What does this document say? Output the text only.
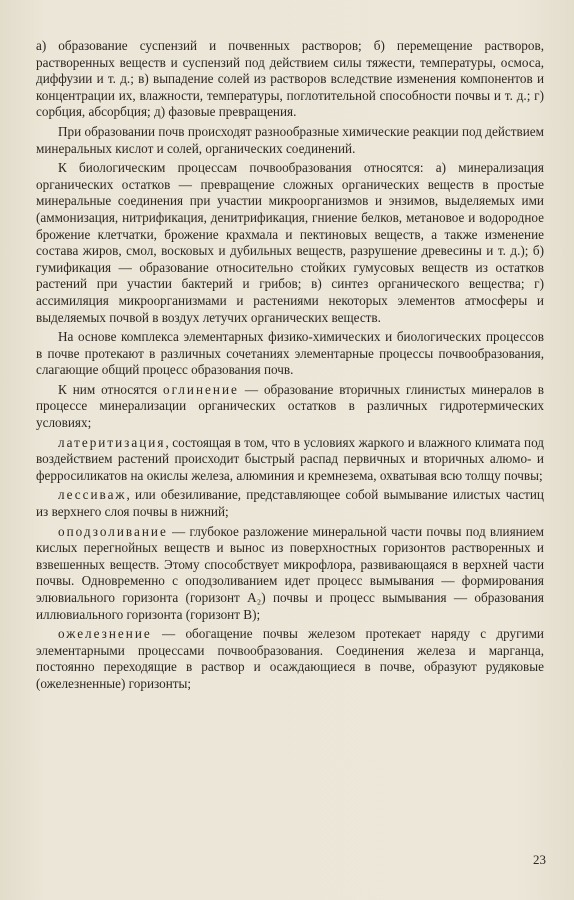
а) образование суспензий и почвенных растворов; б) перемещение растворов, растворенных веществ и суспензий под действием силы тяжести, температуры, осмоса, диффузии и т. д.; в) выпадение солей из растворов вследствие изменения компонентов и концентрации их, влажности, температуры, поглотительной способности почвы и т. д.; г) сорбция, абсорбция; д) фазовые превращения.

При образовании почв происходят разнообразные химические реакции под действием минеральных кислот и солей, органических соединений.

К биологическим процессам почвообразования относятся: а) минерализация органических остатков — превращение сложных органических веществ в простые минеральные соединения при участии микроорганизмов и энзимов, выделяемых ими (аммонизация, нитрификация, денитрификация, гниение белков, метановое и водородное брожение клетчатки, брожение крахмала и пектиновых веществ, а также изменение состава жиров, смол, восковых и дубильных веществ, разрушение древесины и т. д.); б) гумификация — образование относительно стойких гумусовых веществ из остатков растений при участии бактерий и грибов; в) синтез органического вещества; г) ассимиляция микроорганизмами и растениями некоторых элементов атмосферы и выделяемых почвой в воздух летучих органических веществ.

На основе комплекса элементарных физико-химических и биологических процессов в почве протекают в различных сочетаниях элементарные процессы почвообразования, слагающие общий процесс образования почв.

К ним относятся оглинение — образование вторичных глинистых минералов в процессе минерализации органических остатков в различных гидротермических условиях;

латеритизация, состоящая в том, что в условиях жаркого и влажного климата под воздействием растений происходит быстрый распад первичных и вторичных алюмо- и ферросиликатов на окислы железа, алюминия и кремнезема, охватывая всю толщу почвы;

лессиваж, или обезиливание, представляющее собой вымывание илистых частиц из верхнего слоя почвы в нижний;

оподзоливание — глубокое разложение минеральной части почвы под влиянием кислых перегнойных веществ и вынос из поверхностных горизонтов растворенных и взвешенных веществ. Этому способствует микрофлора, развивающаяся в верхней части почвы. Одновременно с оподзоливанием идет процесс вымывания — формирования элювиального горизонта (горизонт A₂) почвы и процесс вымывания — образования иллювиального горизонта (горизонт B);

ожелезнение — обогащение почвы железом протекает наряду с другими элементарными процессами почвообразования. Соединения железа и марганца, постоянно переходящие в раствор и осаждающиеся в почве, образуют рудяковые (ожелезненные) горизонты;

23
